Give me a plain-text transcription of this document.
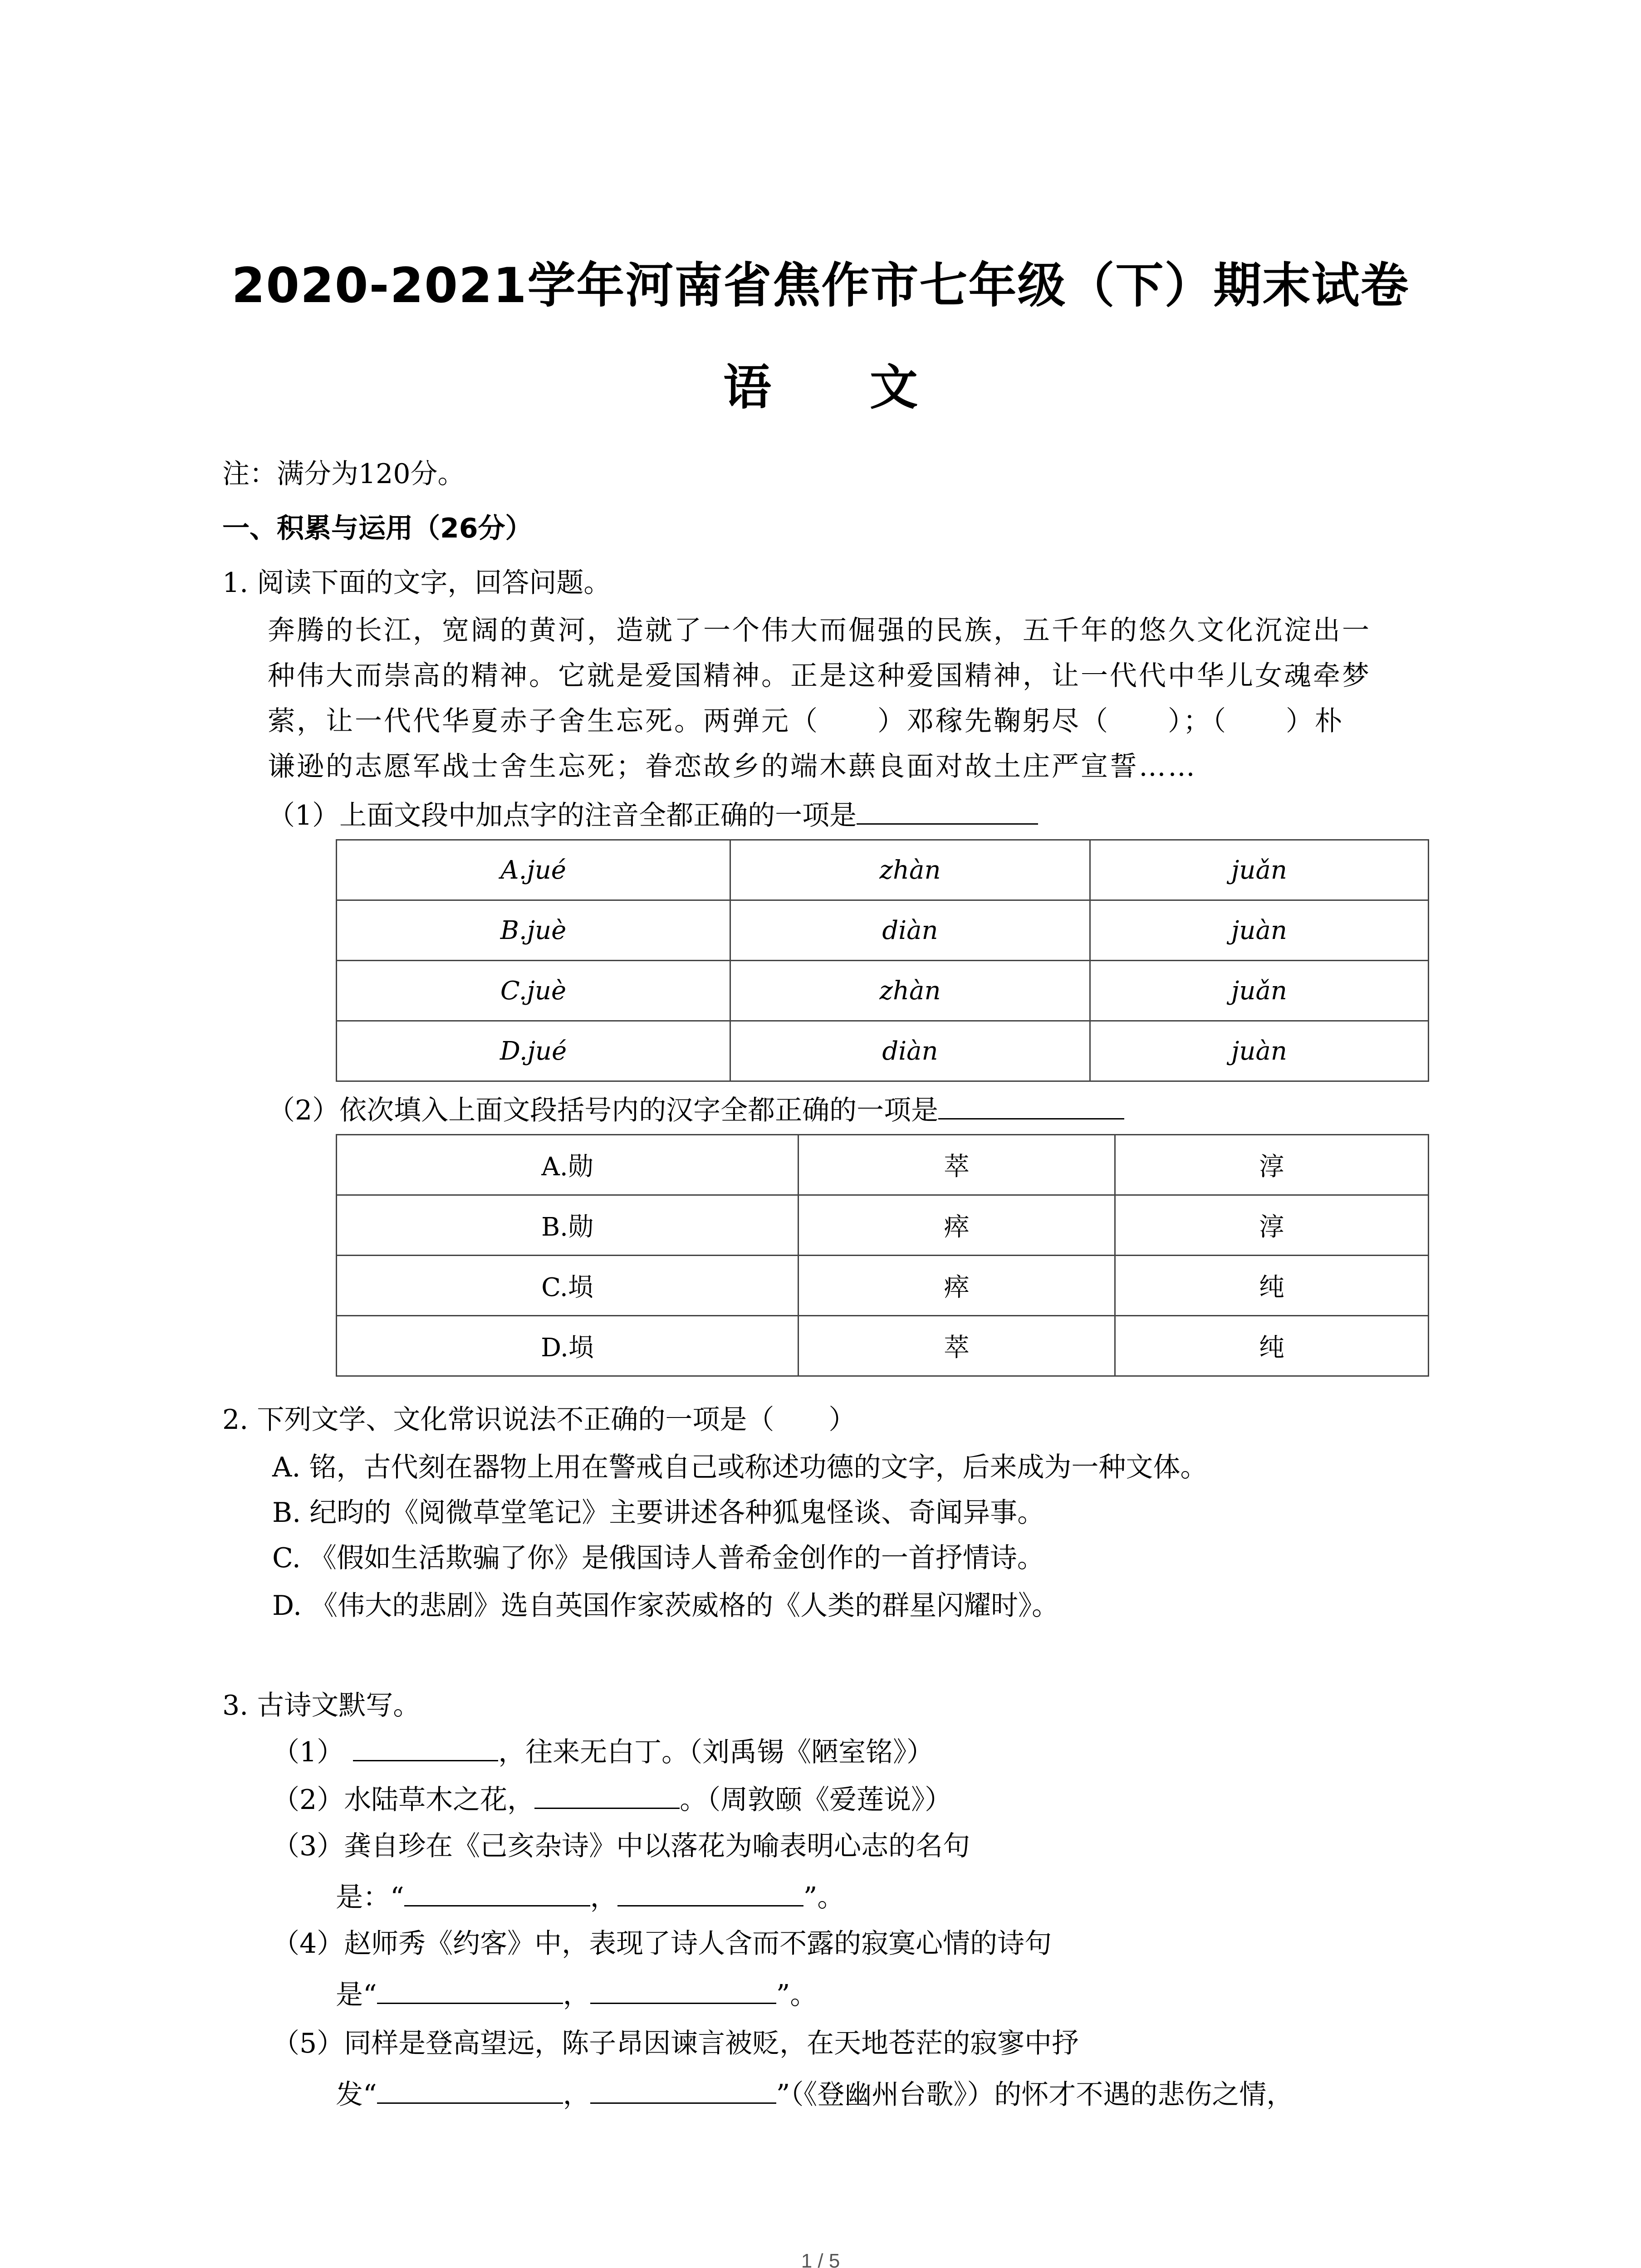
2020-2021学年河南省焦作市七年级（下）期末试卷
语 文
注：满分为120分。
一、积累与运用（26分）
1. 阅读下面的文字，回答问题。
奔腾的长江，宽阔的黄河，造就了一个伟大而倔强的民族，五千年的悠久文化沉淀出一
种伟大而崇高的精神。它就是爱国精神。正是这种爱国精神，让一代代中华儿女魂牵梦
萦，让一代代华夏赤子舍生忘死。两弹元（　　）邓稼先鞠躬尽（　　）；（　　）朴
谦逊的志愿军战士舍生忘死；眷恋故乡的端木蕻良面对故土庄严宣誓……
（1）上面文段中加点字的注音全都正确的一项是
A.jué	zhàn	juǎn
B.juè	diàn	juàn
C.juè	zhàn	juǎn
D.jué	diàn	juàn
（2）依次填入上面文段括号内的汉字全都正确的一项是
A.勋	萃	淳
B.勋	瘁	淳
C.埙	瘁	纯
D.埙	萃	纯
2. 下列文学、文化常识说法不正确的一项是（　　）
A. 铭，古代刻在器物上用在警戒自己或称述功德的文字，后来成为一种文体。
B. 纪昀的《阅微草堂笔记》主要讲述各种狐鬼怪谈、奇闻异事。
C. 《假如生活欺骗了你》是俄国诗人普希金创作的一首抒情诗。
D. 《伟大的悲剧》选自英国作家茨威格的《人类的群星闪耀时》。
3. 古诗文默写。
（1）	，往来无白丁。（刘禹锡《陋室铭》）
（2）水陆草木之花，	。（周敦颐《爱莲说》）
（3）龚自珍在《己亥杂诗》中以落花为喻表明心志的名句
是：“	，	”。
（4）赵师秀《约客》中，表现了诗人含而不露的寂寞心情的诗句
是“	，	”。
（5）同样是登高望远，陈子昂因谏言被贬，在天地苍茫的寂寥中抒
发“	，	”（《登幽州台歌》）的怀才不遇的悲伤之情，
1 / 5
